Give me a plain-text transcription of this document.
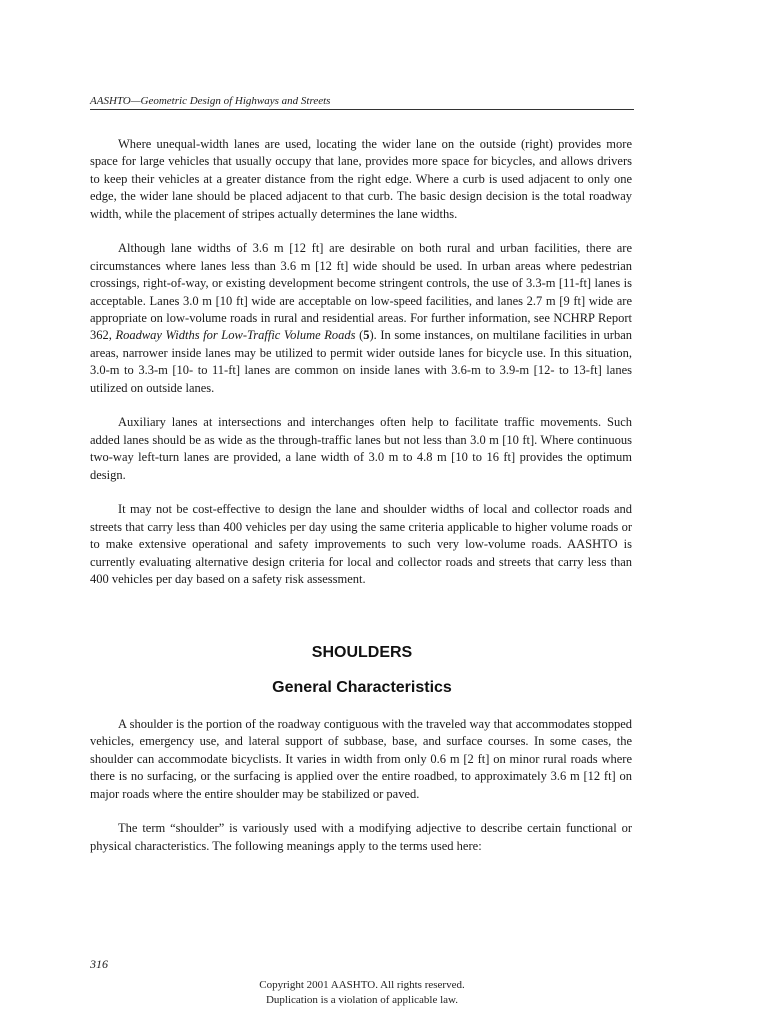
AASHTO—Geometric Design of Highways and Streets

Where unequal-width lanes are used, locating the wider lane on the outside (right) provides more space for large vehicles that usually occupy that lane, provides more space for bicycles, and allows drivers to keep their vehicles at a greater distance from the right edge. Where a curb is used adjacent to only one edge, the wider lane should be placed adjacent to that curb. The basic design decision is the total roadway width, while the placement of stripes actually determines the lane widths.

Although lane widths of 3.6 m [12 ft] are desirable on both rural and urban facilities, there are circumstances where lanes less than 3.6 m [12 ft] wide should be used. In urban areas where pedestrian crossings, right-of-way, or existing development become stringent controls, the use of 3.3-m [11-ft] lanes is acceptable. Lanes 3.0 m [10 ft] wide are acceptable on low-speed facilities, and lanes 2.7 m [9 ft] wide are appropriate on low-volume roads in rural and residential areas. For further information, see NCHRP Report 362, Roadway Widths for Low-Traffic Volume Roads (5). In some instances, on multilane facilities in urban areas, narrower inside lanes may be utilized to permit wider outside lanes for bicycle use. In this situation, 3.0-m to 3.3-m [10- to 11-ft] lanes are common on inside lanes with 3.6-m to 3.9-m [12- to 13-ft] lanes utilized on outside lanes.

Auxiliary lanes at intersections and interchanges often help to facilitate traffic movements. Such added lanes should be as wide as the through-traffic lanes but not less than 3.0 m [10 ft]. Where continuous two-way left-turn lanes are provided, a lane width of 3.0 m to 4.8 m [10 to 16 ft] provides the optimum design.

It may not be cost-effective to design the lane and shoulder widths of local and collector roads and streets that carry less than 400 vehicles per day using the same criteria applicable to higher volume roads or to make extensive operational and safety improvements to such very low-volume roads. AASHTO is currently evaluating alternative design criteria for local and collector roads and streets that carry less than 400 vehicles per day based on a safety risk assessment.

SHOULDERS
General Characteristics

A shoulder is the portion of the roadway contiguous with the traveled way that accommodates stopped vehicles, emergency use, and lateral support of subbase, base, and surface courses. In some cases, the shoulder can accommodate bicyclists. It varies in width from only 0.6 m [2 ft] on minor rural roads where there is no surfacing, or the surfacing is applied over the entire roadbed, to approximately 3.6 m [12 ft] on major roads where the entire shoulder may be stabilized or paved.

The term “shoulder” is variously used with a modifying adjective to describe certain functional or physical characteristics. The following meanings apply to the terms used here:

316
Copyright 2001 AASHTO. All rights reserved.
Duplication is a violation of applicable law.
